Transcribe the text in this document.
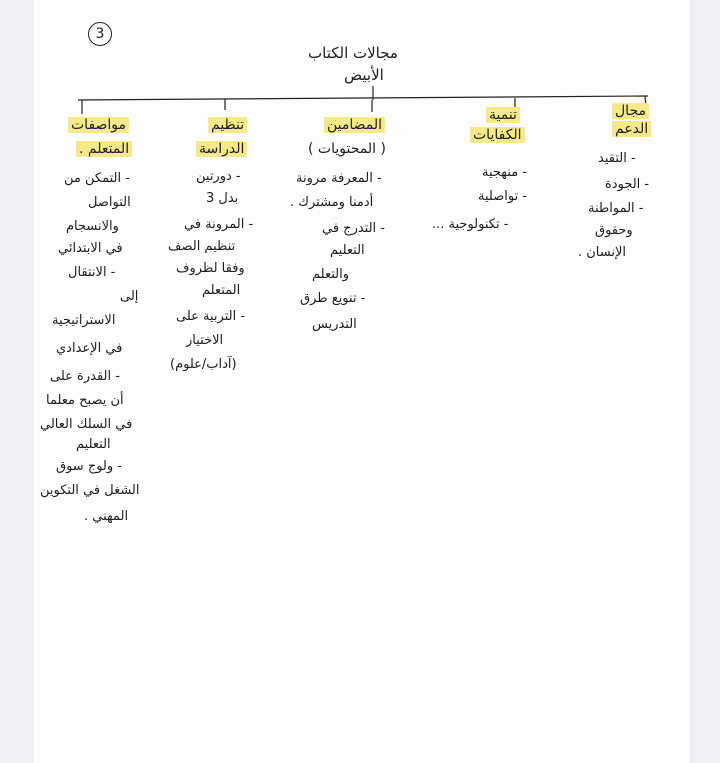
3
مجالات الكتاب
الأبيض
مجال
الدعم
- التقيد
- الجودة
- المواطنة
وحقوق
الإنسان .
تنمية
الكفايات
- منهجية
- تواصلية
- تكنولوجية ...
المضامين
( المحتويات )
- المعرفة مرونة
أدمنا ومشترك .
- التدرج في
التعليم
والتعلم
- تنويع طرق
التدريس
تنظيم
الدراسة
- دورتين
بدل 3
- المرونة في
تنظيم الصف
وفقا لظروف
المتعلم
- التربية على
الاختيار
(آداب/علوم)
مواصفات
المتعلم .
- التمكن من
التواصل
والانسجام
في الابتدائي
- الانتقال
إلى
الاستراتيجية
في الإعدادي
- القدرة على
أن يصبح معلما
في السلك العالي
التعليم
- ولوج سوق
الشغل في التكوين
المهني .
